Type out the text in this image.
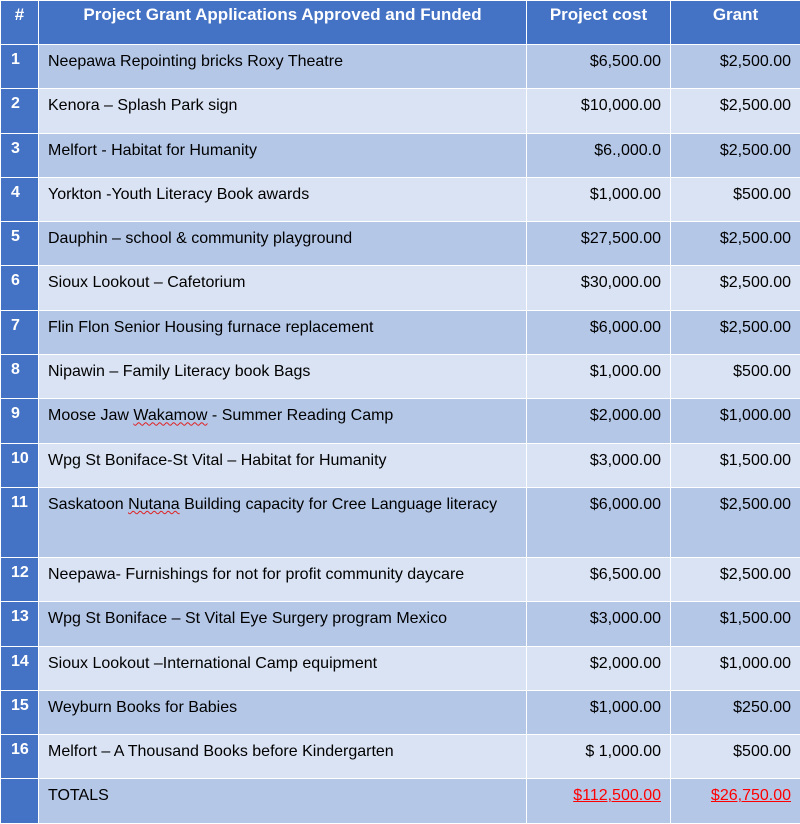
#	Project Grant Applications Approved and Funded	Project cost	Grant
1	Neepawa Repointing bricks Roxy Theatre	$6,500.00	$2,500.00
2	Kenora – Splash Park sign	$10,000.00	$2,500.00
3	Melfort - Habitat for Humanity	$6.,000.0	$2,500.00
4	Yorkton -Youth Literacy Book awards	$1,000.00	$500.00
5	Dauphin – school & community playground	$27,500.00	$2,500.00
6	Sioux Lookout – Cafetorium	$30,000.00	$2,500.00
7	Flin Flon Senior Housing furnace replacement	$6,000.00	$2,500.00
8	Nipawin – Family Literacy book Bags	$1,000.00	$500.00
9	Moose Jaw Wakamow - Summer Reading Camp	$2,000.00	$1,000.00
10	Wpg St Boniface-St Vital – Habitat for Humanity	$3,000.00	$1,500.00
11	Saskatoon Nutana Building capacity for Cree Language literacy	$6,000.00	$2,500.00
12	Neepawa- Furnishings for not for profit community daycare	$6,500.00	$2,500.00
13	Wpg St Boniface – St Vital Eye Surgery program Mexico	$3,000.00	$1,500.00
14	Sioux Lookout –International Camp equipment	$2,000.00	$1,000.00
15	Weyburn Books for Babies	$1,000.00	$250.00
16	Melfort – A Thousand Books before Kindergarten	$ 1,000.00	$500.00
	TOTALS	$112,500.00	$26,750.00
